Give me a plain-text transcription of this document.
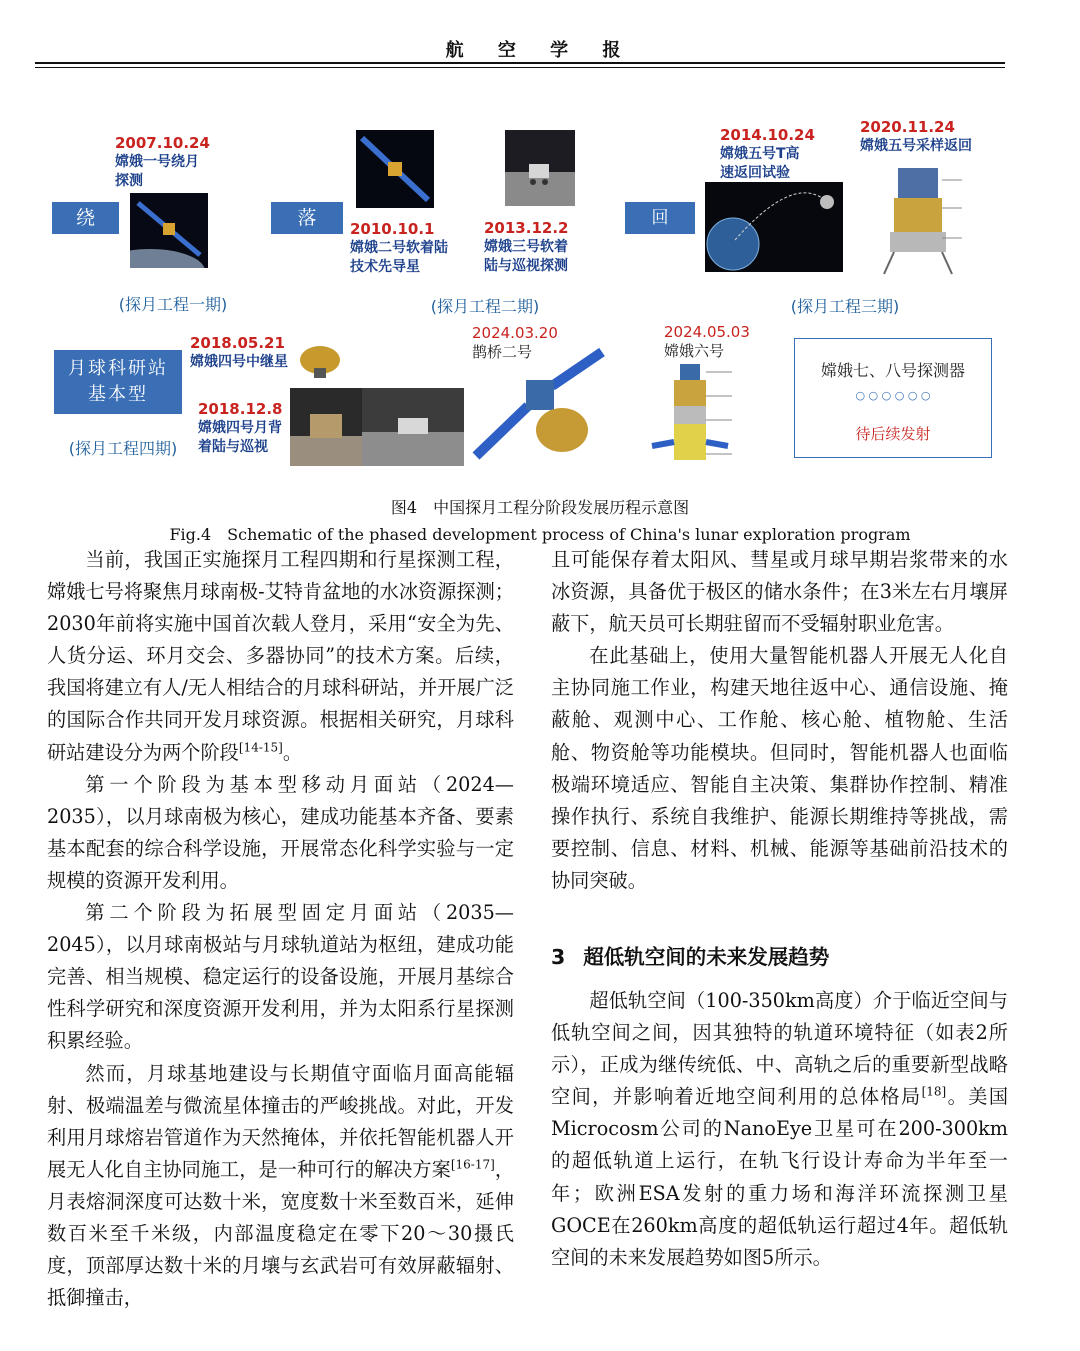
航 空 学 报
绕
2007.10.24
嫦娥一号绕月
探测
(探月工程一期)
落	2010.10.1
嫦娥二号软着陆
技术先导星
2013.12.2
嫦娥三号软着
陆与巡视探测
(探月工程二期)
回
2014.10.24
嫦娥五号T高
速返回试验
2020.11.24
嫦娥五号采样返回
(探月工程三期)
月球科研站
基本型
(探月工程四期)
2018.05.21
嫦娥四号中继星
2018.12.8
嫦娥四号月背
着陆与巡视
2024.03.20
鹊桥二号
2024.05.03
嫦娥六号
嫦娥七、八号探测器
○ ○ ○ ○ ○ ○
待后续发射
图4　中国探月工程分阶段发展历程示意图
Fig.4　Schematic of the phased development process of China's lunar exploration program

当前，我国正实施探月工程四期和行星探测工程，嫦娥七号将聚焦月球南极-艾特肯盆地的水冰资源探测；2030年前将实施中国首次载人登月，采用“安全为先、人货分运、环月交会、多器协同”的技术方案。后续，我国将建立有人/无人相结合的月球科研站，并开展广泛的国际合作共同开发月球资源。根据相关研究，月球科研站建设分为两个阶段[14-15]。

第一个阶段为基本型移动月面站（2024—2035），以月球南极为核心，建成功能基本齐备、要素基本配套的综合科学设施，开展常态化科学实验与一定规模的资源开发利用。

第二个阶段为拓展型固定月面站（2035—2045），以月球南极站与月球轨道站为枢纽，建成功能完善、相当规模、稳定运行的设备设施，开展月基综合性科学研究和深度资源开发利用，并为太阳系行星探测积累经验。

然而，月球基地建设与长期值守面临月面高能辐射、极端温差与微流星体撞击的严峻挑战。对此，开发利用月球熔岩管道作为天然掩体，并依托智能机器人开展无人化自主协同施工，是一种可行的解决方案[16-17]，月表熔洞深度可达数十米，宽度数十米至数百米，延伸数百米至千米级，内部温度稳定在零下20～30摄氏度，顶部厚达数十米的月壤与玄武岩可有效屏蔽辐射、抵御撞击，

且可能保存着太阳风、彗星或月球早期岩浆带来的水冰资源，具备优于极区的储水条件；在3米左右月壤屏蔽下，航天员可长期驻留而不受辐射职业危害。

在此基础上，使用大量智能机器人开展无人化自主协同施工作业，构建天地往返中心、通信设施、掩蔽舱、观测中心、工作舱、核心舱、植物舱、生活舱、物资舱等功能模块。但同时，智能机器人也面临极端环境适应、智能自主决策、集群协作控制、精准操作执行、系统自我维护、能源长期维持等挑战，需要控制、信息、材料、机械、能源等基础前沿技术的协同突破。

3 超低轨空间的未来发展趋势

超低轨空间（100-350km高度）介于临近空间与低轨空间之间，因其独特的轨道环境特征（如表2所示），正成为继传统低、中、高轨之后的重要新型战略空间，并影响着近地空间利用的总体格局[18]。美国Microcosm公司的NanoEye卫星可在200-300km的超低轨道上运行，在轨飞行设计寿命为半年至一年；欧洲ESA发射的重力场和海洋环流探测卫星GOCE在260km高度的超低轨运行超过4年。超低轨空间的未来发展趋势如图5所示。
